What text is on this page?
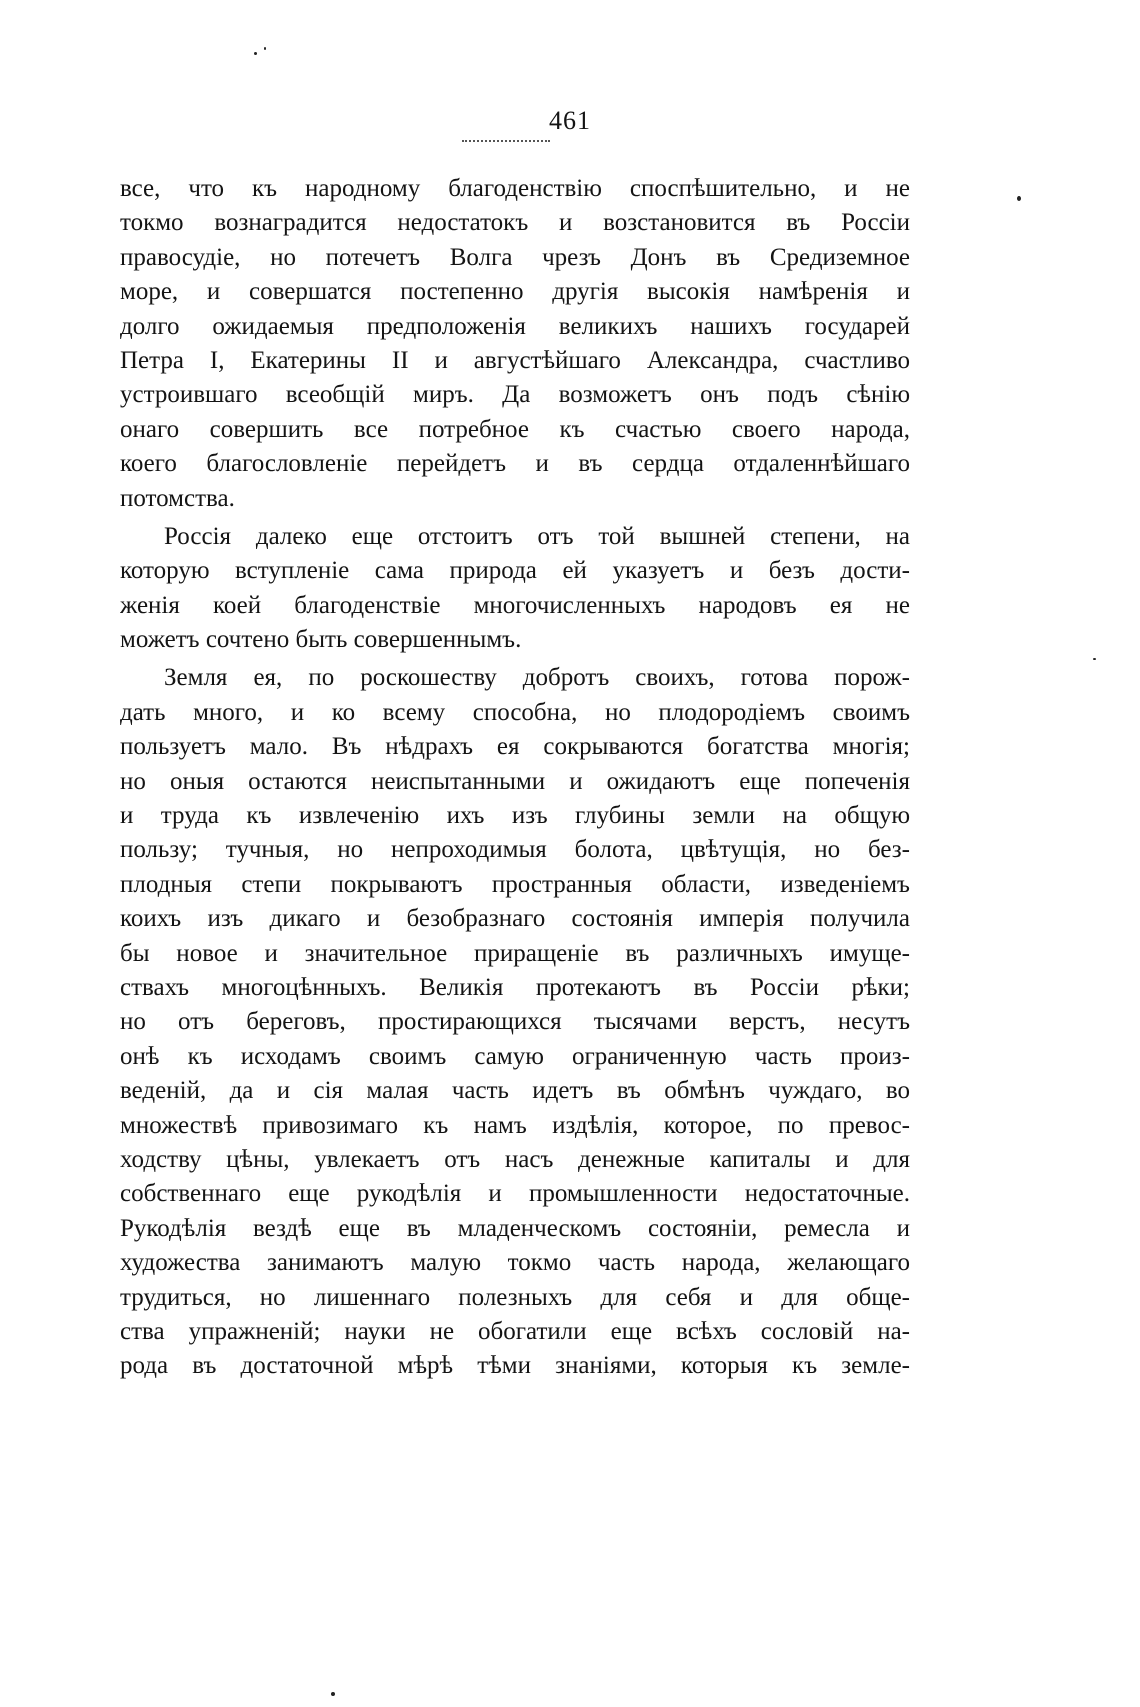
461
все, что къ народному благоденствію споспѣшительно, и не
токмо вознаградится недостатокъ и возстановится въ Россіи
правосудіе, но потечетъ Волга чрезъ Донъ въ Средиземное
море, и совершатся постепенно другія высокія намѣренія и
долго ожидаемыя предположенія великихъ нашихъ государей
Петра I, Екатерины II и августѣйшаго Александра, счастливо
устроившаго всеобщій миръ. Да возможетъ онъ подъ сѣнію
онаго совершить все потребное къ счастью своего народа,
коего благословленіе перейдетъ и въ сердца отдаленнѣйшаго
потомства.
Россія далеко еще отстоитъ отъ той вышней степени, на
которую вступленіе сама природа ей указуетъ и безъ дости-
женія коей благоденствіе многочисленныхъ народовъ ея не
можетъ сочтено быть совершеннымъ.
Земля ея, по роскошеству добротъ своихъ, готова порож-
дать много, и ко всему способна, но плодородіемъ своимъ
пользуетъ мало. Въ нѣдрахъ ея сокрываются богатства многія;
но оныя остаются неиспытанными и ожидаютъ еще попеченія
и труда къ извлеченію ихъ изъ глубины земли на общую
пользу; тучныя, но непроходимыя болота, цвѣтущія, но без-
плодныя степи покрываютъ пространныя области, изведеніемъ
коихъ изъ дикаго и безобразнаго состоянія имперія получила
бы новое и значительное приращеніе въ различныхъ имуще-
ствахъ многоцѣнныхъ. Великія протекаютъ въ Россіи рѣки;
но отъ береговъ, простирающихся тысячами верстъ, несутъ
онѣ къ исходамъ своимъ самую ограниченную часть произ-
веденій, да и сія малая часть идетъ въ обмѣнъ чуждаго, во
множествѣ привозимаго къ намъ издѣлія, которое, по превос-
ходству цѣны, увлекаетъ отъ насъ денежные капиталы и для
собственнаго еще рукодѣлія и промышленности недостаточные.
Рукодѣлія вездѣ еще въ младенческомъ состояніи, ремесла и
художества занимаютъ малую токмо часть народа, желающаго
трудиться, но лишеннаго полезныхъ для себя и для обще-
ства упражненій; науки не обогатили еще всѣхъ сословій на-
рода въ достаточной мѣрѣ тѣми знаніями, которыя къ земле-
